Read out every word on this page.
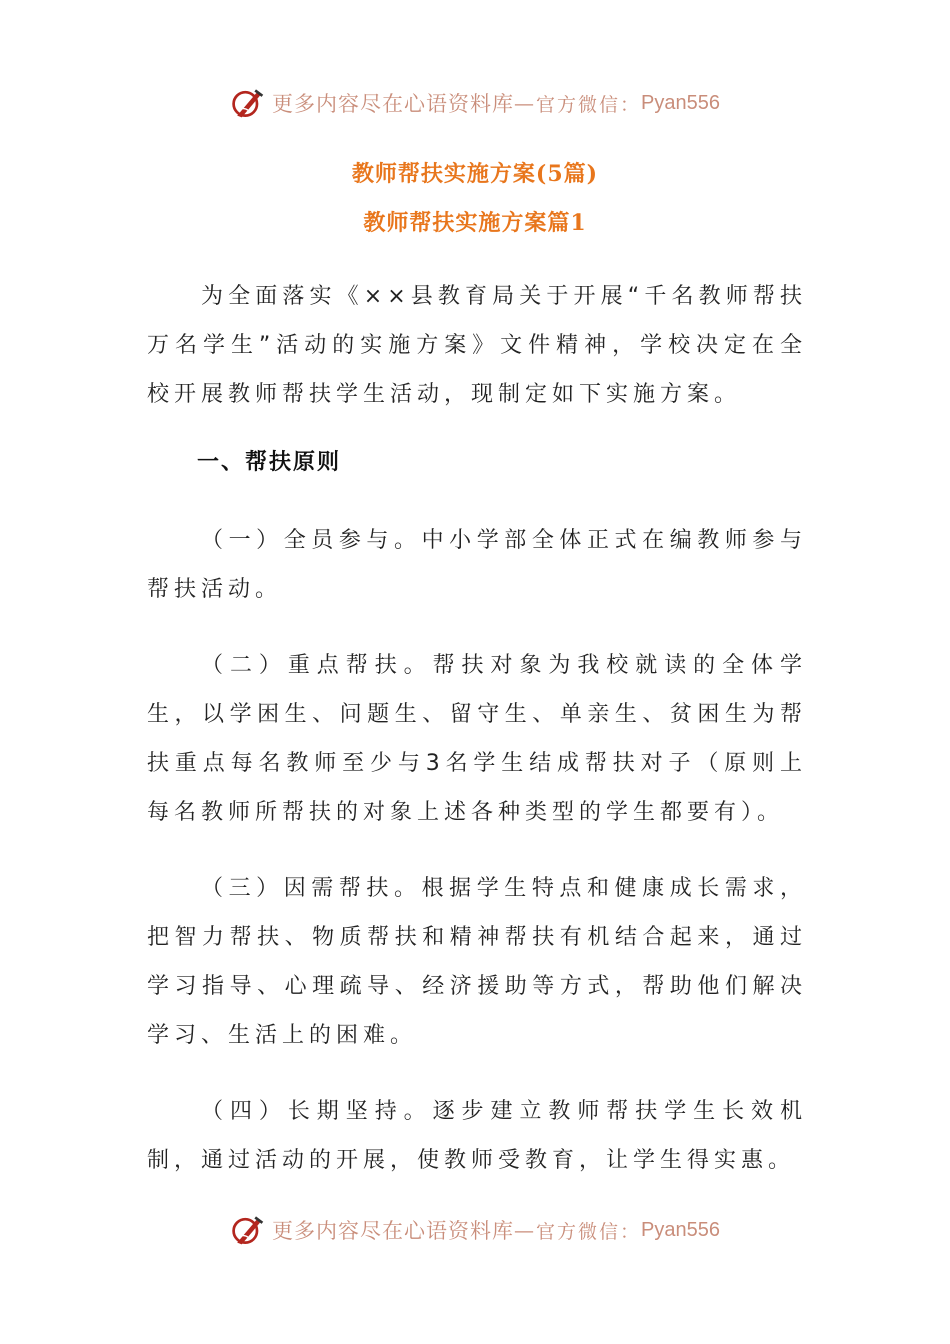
更多内容尽在心语资料库 — 官方微信： Pyan556
教师帮扶实施方案(5篇)
教师帮扶实施方案篇1

为全面落实《××县教育局关于开展“千名教师帮扶万名学生”活动的实施方案》文件精神，学校决定在全校开展教师帮扶学生活动，现制定如下实施方案。

一、帮扶原则

（一）全员参与。中小学部全体正式在编教师参与帮扶活动。

（二）重点帮扶。帮扶对象为我校就读的全体学生，以学困生、问题生、留守生、单亲生、贫困生为帮扶重点每名教师至少与3名学生结成帮扶对子（原则上每名教师所帮扶的对象上述各种类型的学生都要有）。

（三）因需帮扶。根据学生特点和健康成长需求，把智力帮扶、物质帮扶和精神帮扶有机结合起来，通过学习指导、心理疏导、经济援助等方式，帮助他们解决学习、生活上的困难。

（四）长期坚持。逐步建立教师帮扶学生长效机制，通过活动的开展，使教师受教育，让学生得实惠。

更多内容尽在心语资料库 — 官方微信： Pyan556
